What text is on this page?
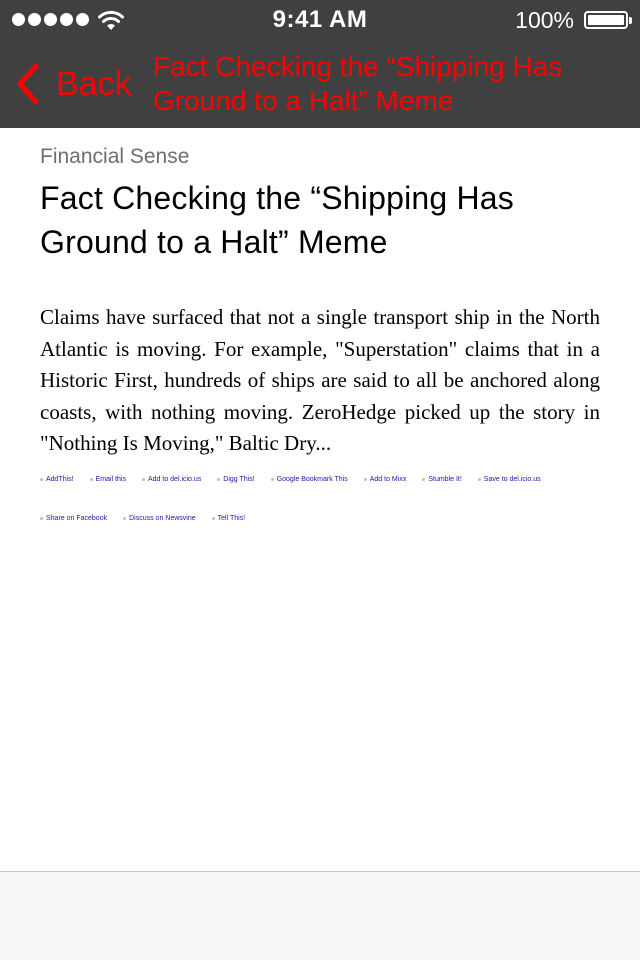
9:41 AM	100%
Back Fact Checking the “Shipping Has Ground to a Halt” Meme
Financial Sense
Fact Checking the “Shipping Has Ground to a Halt” Meme
Claims have surfaced that not a single transport ship in the North Atlantic is moving. For example, "Superstation" claims that in a Historic First, hundreds of ships are said to all be anchored along coasts, with nothing moving. ZeroHedge picked up the story in "Nothing Is Moving," Baltic Dry...
AddThis!	Email this	Add to del.icio.us	Digg This!	Google Bookmark This	Add to Mixx	Stumble It!	Save to del.icio.us
Share on Facebook	Discuss on Newsvine	Tell This!
